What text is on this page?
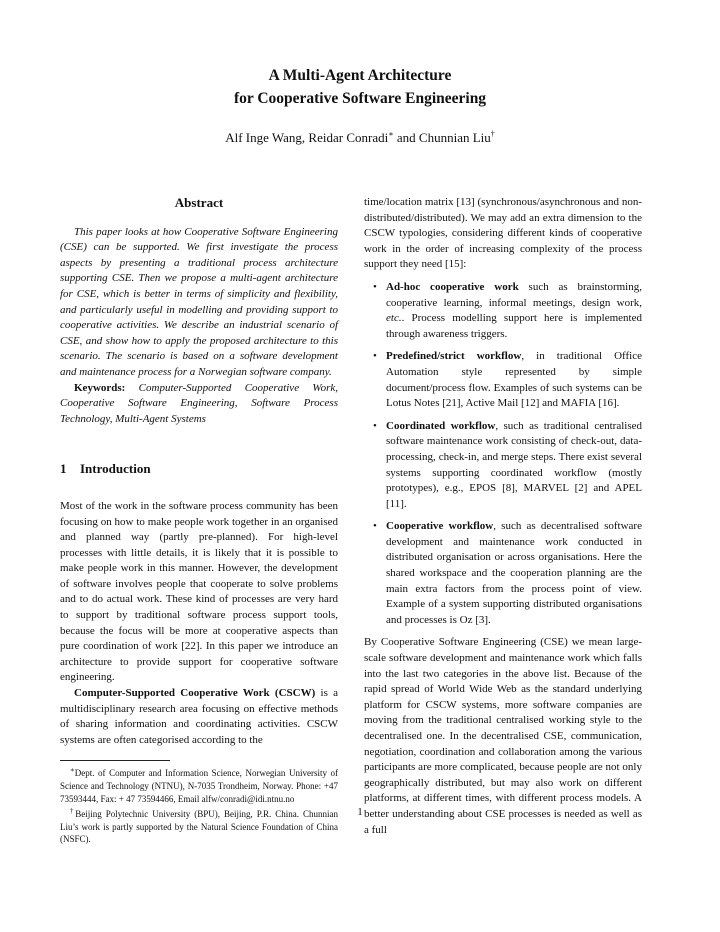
A Multi-Agent Architecture
for Cooperative Software Engineering
Alf Inge Wang, Reidar Conradi∗ and Chunnian Liu†
Abstract

This paper looks at how Cooperative Software Engineering (CSE) can be supported. We first investigate the process aspects by presenting a traditional process architecture supporting CSE. Then we propose a multi-agent architecture for CSE, which is better in terms of simplicity and flexibility, and particularly useful in modelling and providing support to cooperative activities. We describe an industrial scenario of CSE, and show how to apply the proposed architecture to this scenario. The scenario is based on a software development and maintenance process for a Norwegian software company.

Keywords: Computer-Supported Cooperative Work, Cooperative Software Engineering, Software Process Technology, Multi-Agent Systems

1 Introduction

Most of the work in the software process community has been focusing on how to make people work together in an organised and planned way (partly pre-planned). For high-level processes with little details, it is likely that it is possible to make people work in this manner. However, the development of software involves people that cooperate to solve problems and to do actual work. These kind of processes are very hard to support by traditional software process support tools, because the focus will be more at cooperative aspects than pure coordination of work [22]. In this paper we introduce an architecture to provide support for cooperative software engineering.

Computer-Supported Cooperative Work (CSCW) is a multidisciplinary research area focusing on effective methods of sharing information and coordinating activities. CSCW systems are often categorised according to the

∗Dept. of Computer and Information Science, Norwegian University of Science and Technology (NTNU), N-7035 Trondheim, Norway. Phone: +47 73593444, Fax: + 47 73594466, Email alfw/conradi@idi.ntnu.no

†Beijing Polytechnic University (BPU), Beijing, P.R. China. Chunnian Liu’s work is partly supported by the Natural Science Foundation of China (NSFC).

time/location matrix [13] (synchronous/asynchronous and non-distributed/distributed). We may add an extra dimension to the CSCW typologies, considering different kinds of cooperative work in the order of increasing complexity of the process support they need [15]:

• Ad-hoc cooperative work such as brainstorming, cooperative learning, informal meetings, design work, etc.. Process modelling support here is implemented through awareness triggers.
• Predefined/strict workflow, in traditional Office Automation style represented by simple document/process flow. Examples of such systems can be Lotus Notes [21], Active Mail [12] and MAFIA [16].
• Coordinated workflow, such as traditional centralised software maintenance work consisting of check-out, data-processing, check-in, and merge steps. There exist several systems supporting coordinated workflow (mostly prototypes), e.g., EPOS [8], MARVEL [2] and APEL [11].
• Cooperative workflow, such as decentralised software development and maintenance work conducted in distributed organisation or across organisations. Here the shared workspace and the cooperation planning are the main extra factors from the process point of view. Example of a system supporting distributed organisations and processes is Oz [3].

By Cooperative Software Engineering (CSE) we mean large-scale software development and maintenance work which falls into the last two categories in the above list. Because of the rapid spread of World Wide Web as the standard underlying platform for CSCW systems, more software companies are moving from the traditional centralised working style to the decentralised one. In the decentralised CSE, communication, negotiation, coordination and collaboration among the various participants are more complicated, because people are not only geographically distributed, but may also work on different platforms, at different times, with different process models. A better understanding about CSE processes is needed as well as a full

1
